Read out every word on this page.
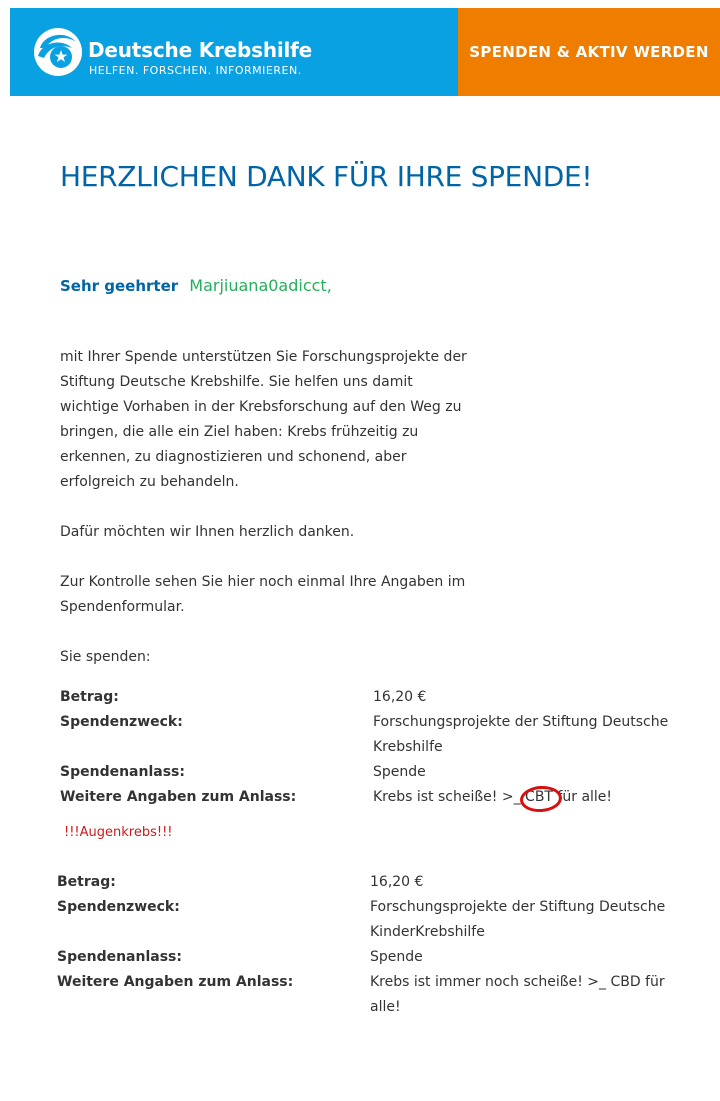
Deutsche Krebshilfe
HELFEN. FORSCHEN. INFORMIEREN.
SPENDEN & AKTIV WERDEN
HERZLICHEN DANK FÜR IHRE SPENDE!
Sehr geehrter Marjiuana0adicct,

mit Ihrer Spende unterstützen Sie Forschungsprojekte der Stiftung Deutsche Krebshilfe. Sie helfen uns damit wichtige Vorhaben in der Krebsforschung auf den Weg zu bringen, die alle ein Ziel haben: Krebs frühzeitig zu erkennen, zu diagnostizieren und schonend, aber erfolgreich zu behandeln.

Dafür möchten wir Ihnen herzlich danken.

Zur Kontrolle sehen Sie hier noch einmal Ihre Angaben im Spendenformular.

Sie spenden:

Betrag:	16,20 €
Spendenzweck:	Forschungsprojekte der Stiftung Deutsche Krebshilfe
Spendenanlass:	Spende
Weitere Angaben zum Anlass:	Krebs ist scheiße! >_ CBT für alle!
!!!Augenkrebs!!!
Betrag:	16,20 €
Spendenzweck:	Forschungsprojekte der Stiftung Deutsche KinderKrebshilfe
Spendenanlass:	Spende
Weitere Angaben zum Anlass:	Krebs ist immer noch scheiße! >_ CBD für alle!
